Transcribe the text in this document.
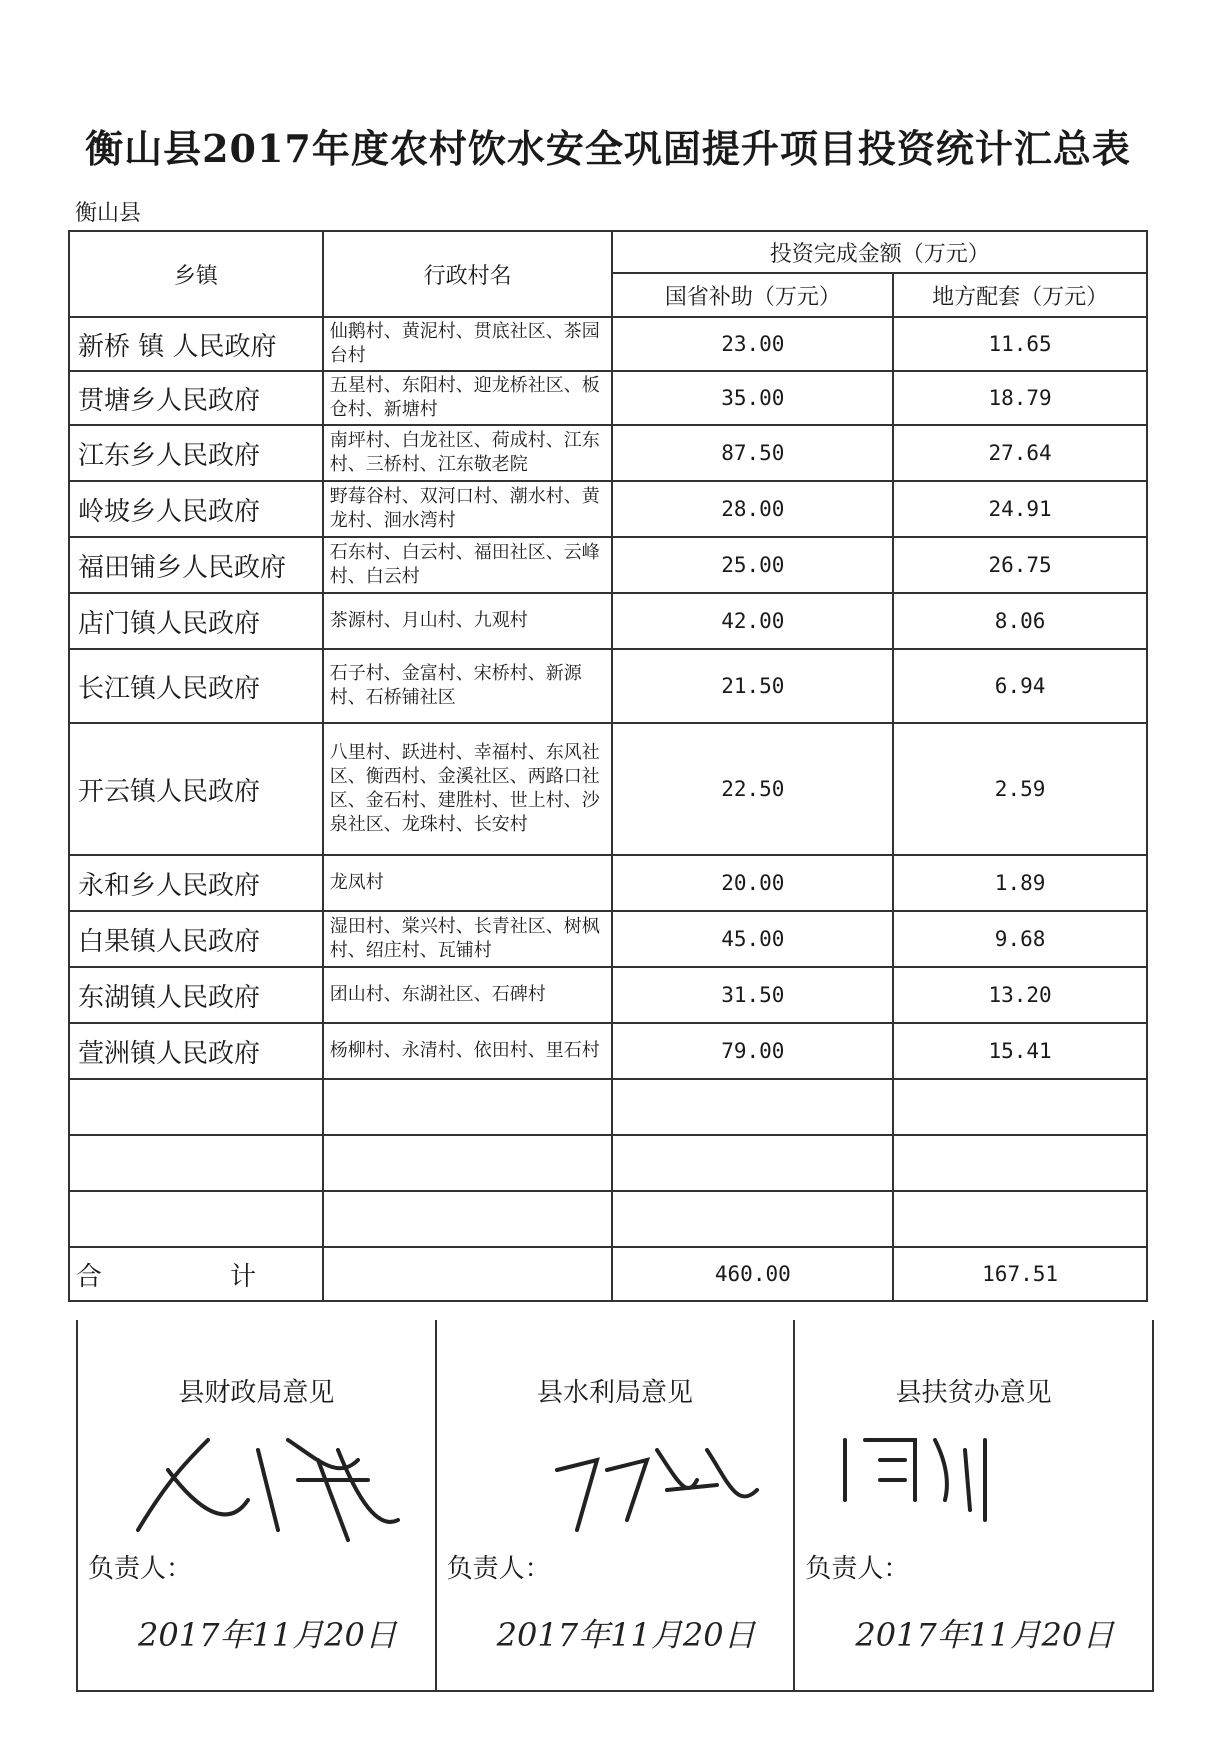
衡山县2017年度农村饮水安全巩固提升项目投资统计汇总表
衡山县
乡镇	行政村名	投资完成金额（万元）	
		国省补助（万元）	地方配套（万元）
新桥 镇 人民政府	仙鹅村、黄泥村、贯底社区、茶园台村	23.00	11.65
贯塘乡人民政府	五星村、东阳村、迎龙桥社区、板仓村、新塘村	35.00	18.79
江东乡人民政府	南坪村、白龙社区、荷成村、江东村、三桥村、江东敬老院	87.50	27.64
岭坡乡人民政府	野莓谷村、双河口村、潮水村、黄龙村、洄水湾村	28.00	24.91
福田铺乡人民政府	石东村、白云村、福田社区、云峰村、白云村	25.00	26.75
店门镇人民政府	茶源村、月山村、九观村	42.00	8.06
长江镇人民政府	石子村、金富村、宋桥村、新源村、石桥铺社区	21.50	6.94
开云镇人民政府	八里村、跃进村、幸福村、东风社区、衡西村、金溪社区、两路口社区、金石村、建胜村、世上村、沙泉社区、龙珠村、长安村	22.50	2.59
永和乡人民政府	龙凤村	20.00	1.89
白果镇人民政府	湿田村、棠兴村、长青社区、树枫村、绍庄村、瓦铺村	45.00	9.68
东湖镇人民政府	团山村、东湖社区、石碑村	31.50	13.20
萱洲镇人民政府	杨柳村、永清村、依田村、里石村	79.00	15.41

合 计		460.00	167.51
县财政局意见
负责人：
2017年11月20日
县水利局意见
负责人：
2017年11月20日
县扶贫办意见
负责人：
2017年11月20日
